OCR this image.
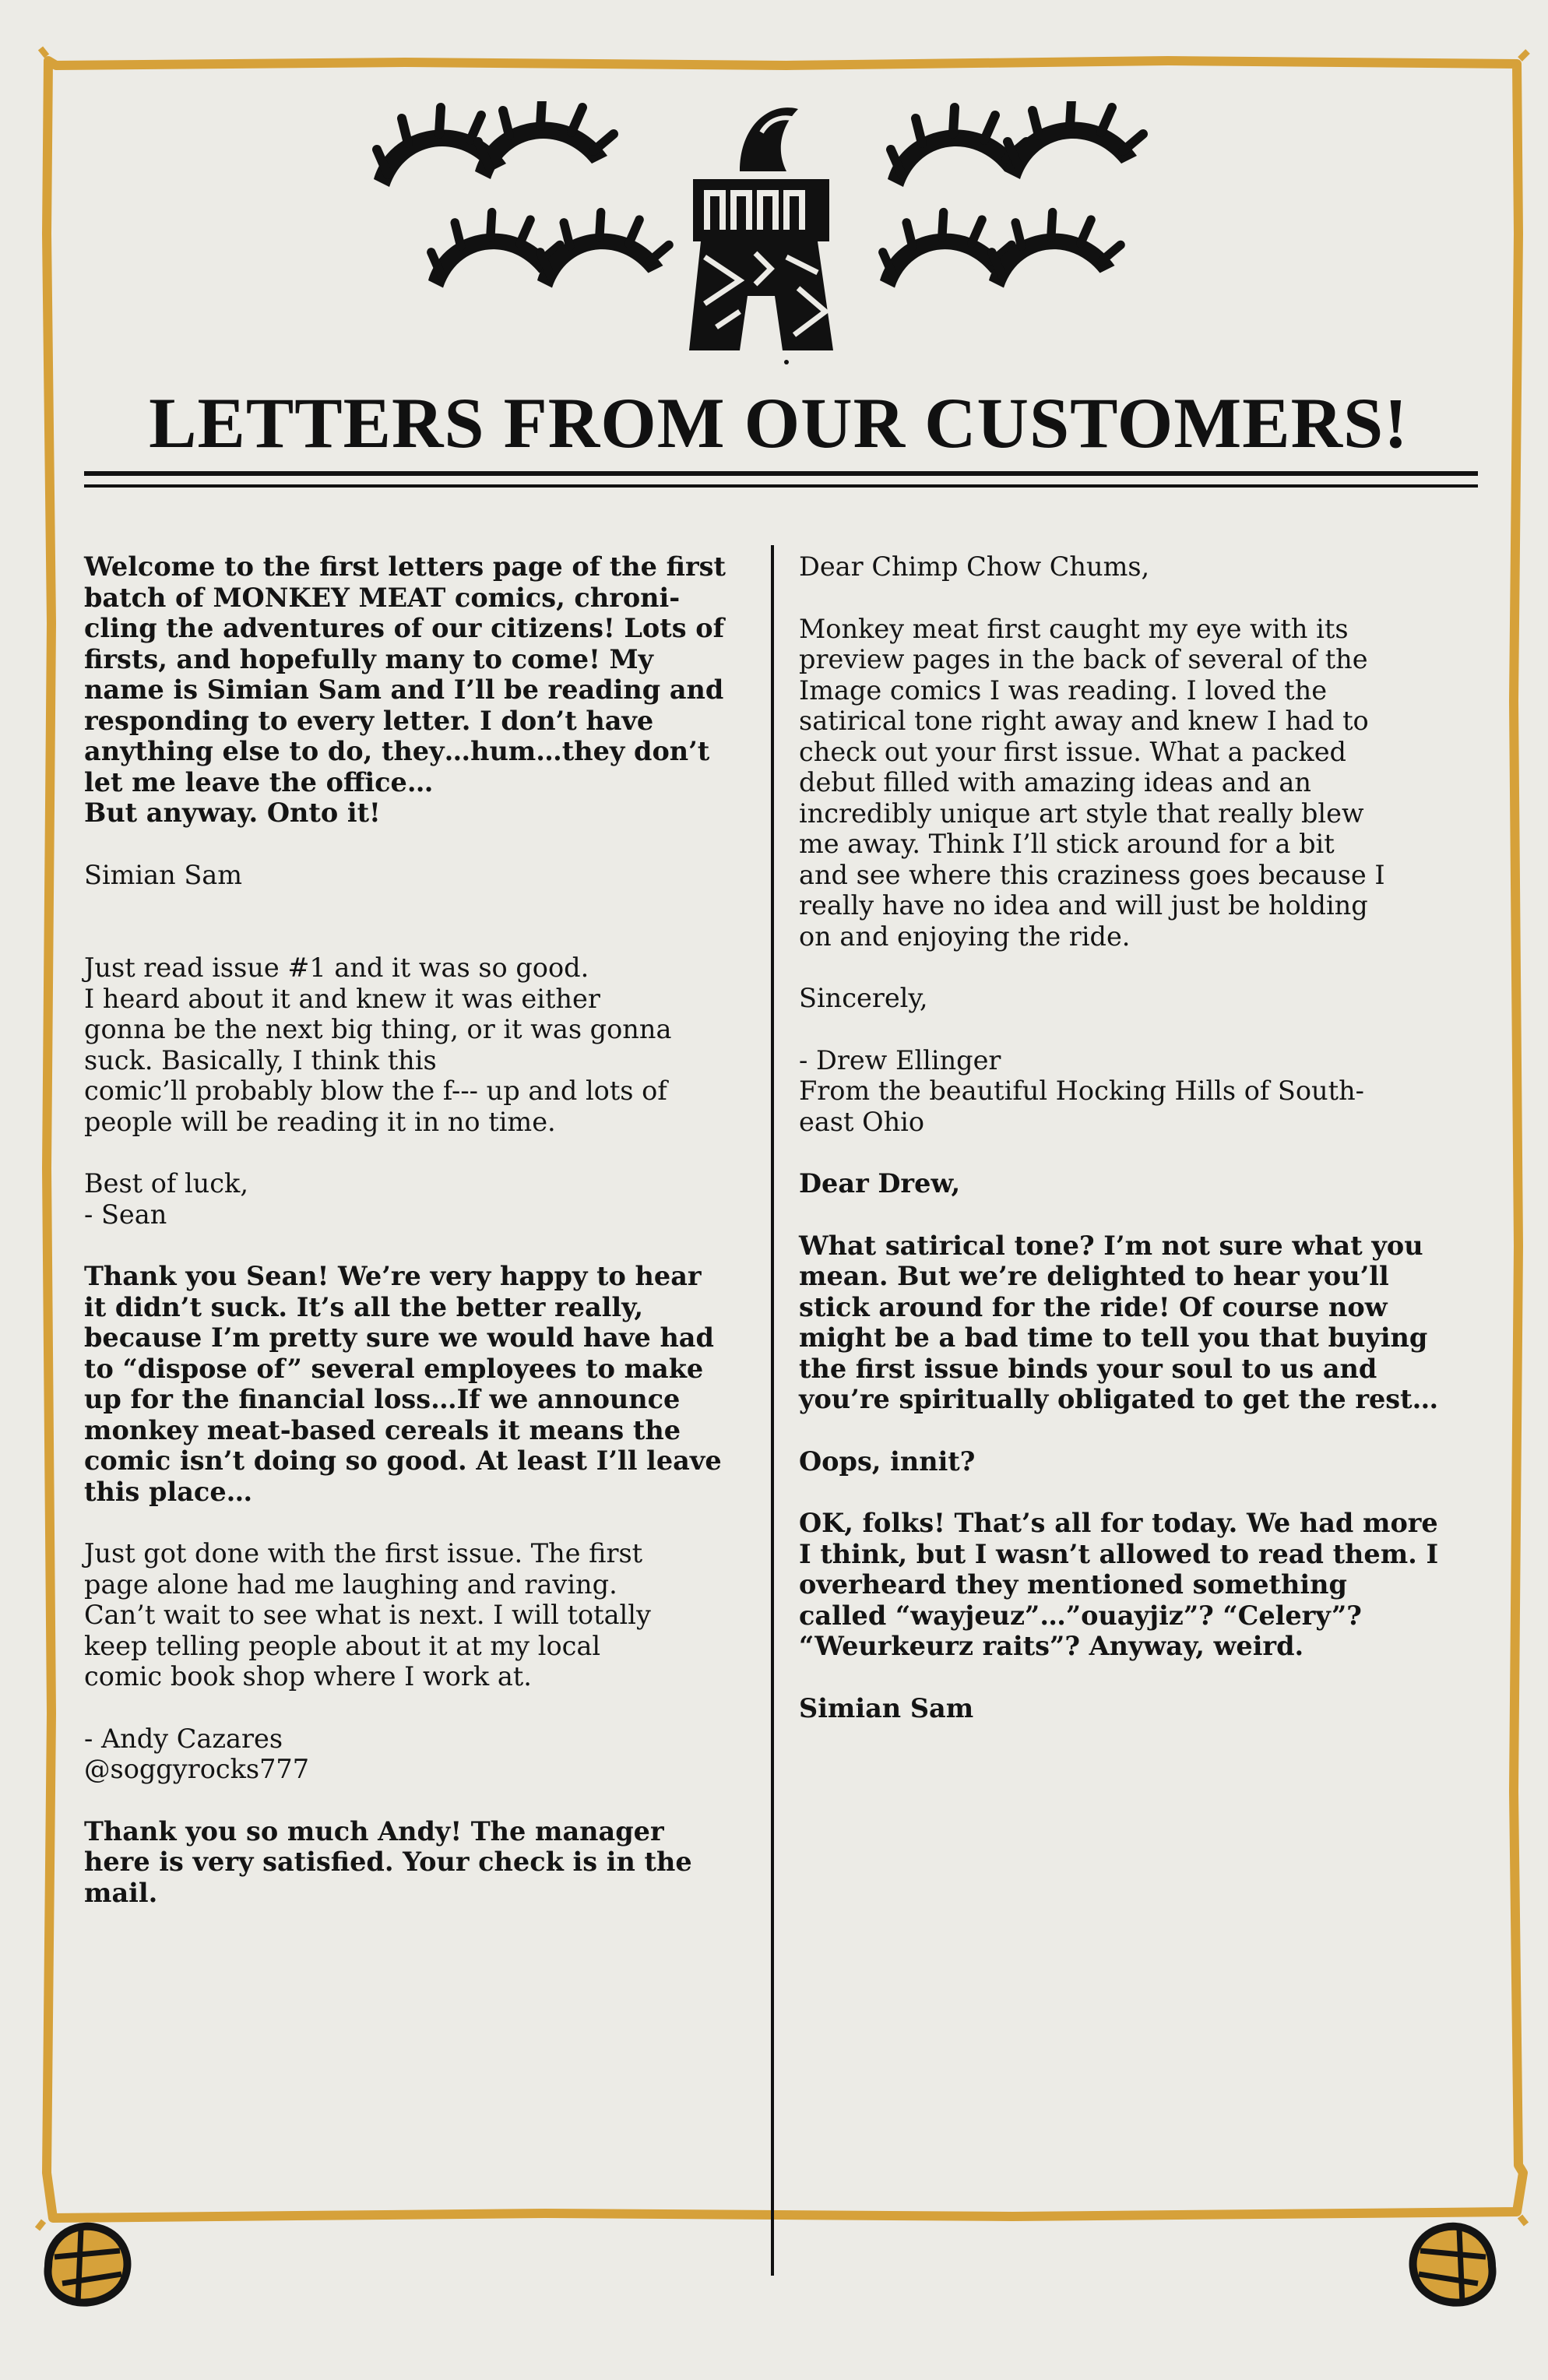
LETTERS FROM OUR CUSTOMERS!

Welcome to the first letters page of the first
batch of MONKEY MEAT comics, chroni-
cling the adventures of our citizens! Lots of
firsts, and hopefully many to come! My
name is Simian Sam and I’ll be reading and
responding to every letter. I don’t have
anything else to do, they…hum…they don’t
let me leave the office…
But anyway. Onto it!

Simian Sam

Just read issue #1 and it was so good.
I heard about it and knew it was either
gonna be the next big thing, or it was gonna
suck. Basically, I think this
comic’ll probably blow the f--- up and lots of
people will be reading it in no time.

Best of luck,
- Sean

Thank you Sean! We’re very happy to hear
it didn’t suck. It’s all the better really,
because I’m pretty sure we would have had
to “dispose of” several employees to make
up for the financial loss…If we announce
monkey meat-based cereals it means the
comic isn’t doing so good. At least I’ll leave
this place…

Just got done with the first issue. The first
page alone had me laughing and raving.
Can’t wait to see what is next. I will totally
keep telling people about it at my local
comic book shop where I work at.

- Andy Cazares
@soggyrocks777

Thank you so much Andy! The manager
here is very satisfied. Your check is in the
mail.

Dear Chimp Chow Chums,

Monkey meat first caught my eye with its
preview pages in the back of several of the
Image comics I was reading. I loved the
satirical tone right away and knew I had to
check out your first issue. What a packed
debut filled with amazing ideas and an
incredibly unique art style that really blew
me away. Think I’ll stick around for a bit
and see where this craziness goes because I
really have no idea and will just be holding
on and enjoying the ride.

Sincerely,

- Drew Ellinger
From the beautiful Hocking Hills of South-
east Ohio

Dear Drew,

What satirical tone? I’m not sure what you
mean. But we’re delighted to hear you’ll
stick around for the ride! Of course now
might be a bad time to tell you that buying
the first issue binds your soul to us and
you’re spiritually obligated to get the rest…

Oops, innit?

OK, folks! That’s all for today. We had more
I think, but I wasn’t allowed to read them. I
overheard they mentioned something
called “wayjeuz”…”ouayjiz”? “Celery”?
“Weurkeurz raits”? Anyway, weird.

Simian Sam
